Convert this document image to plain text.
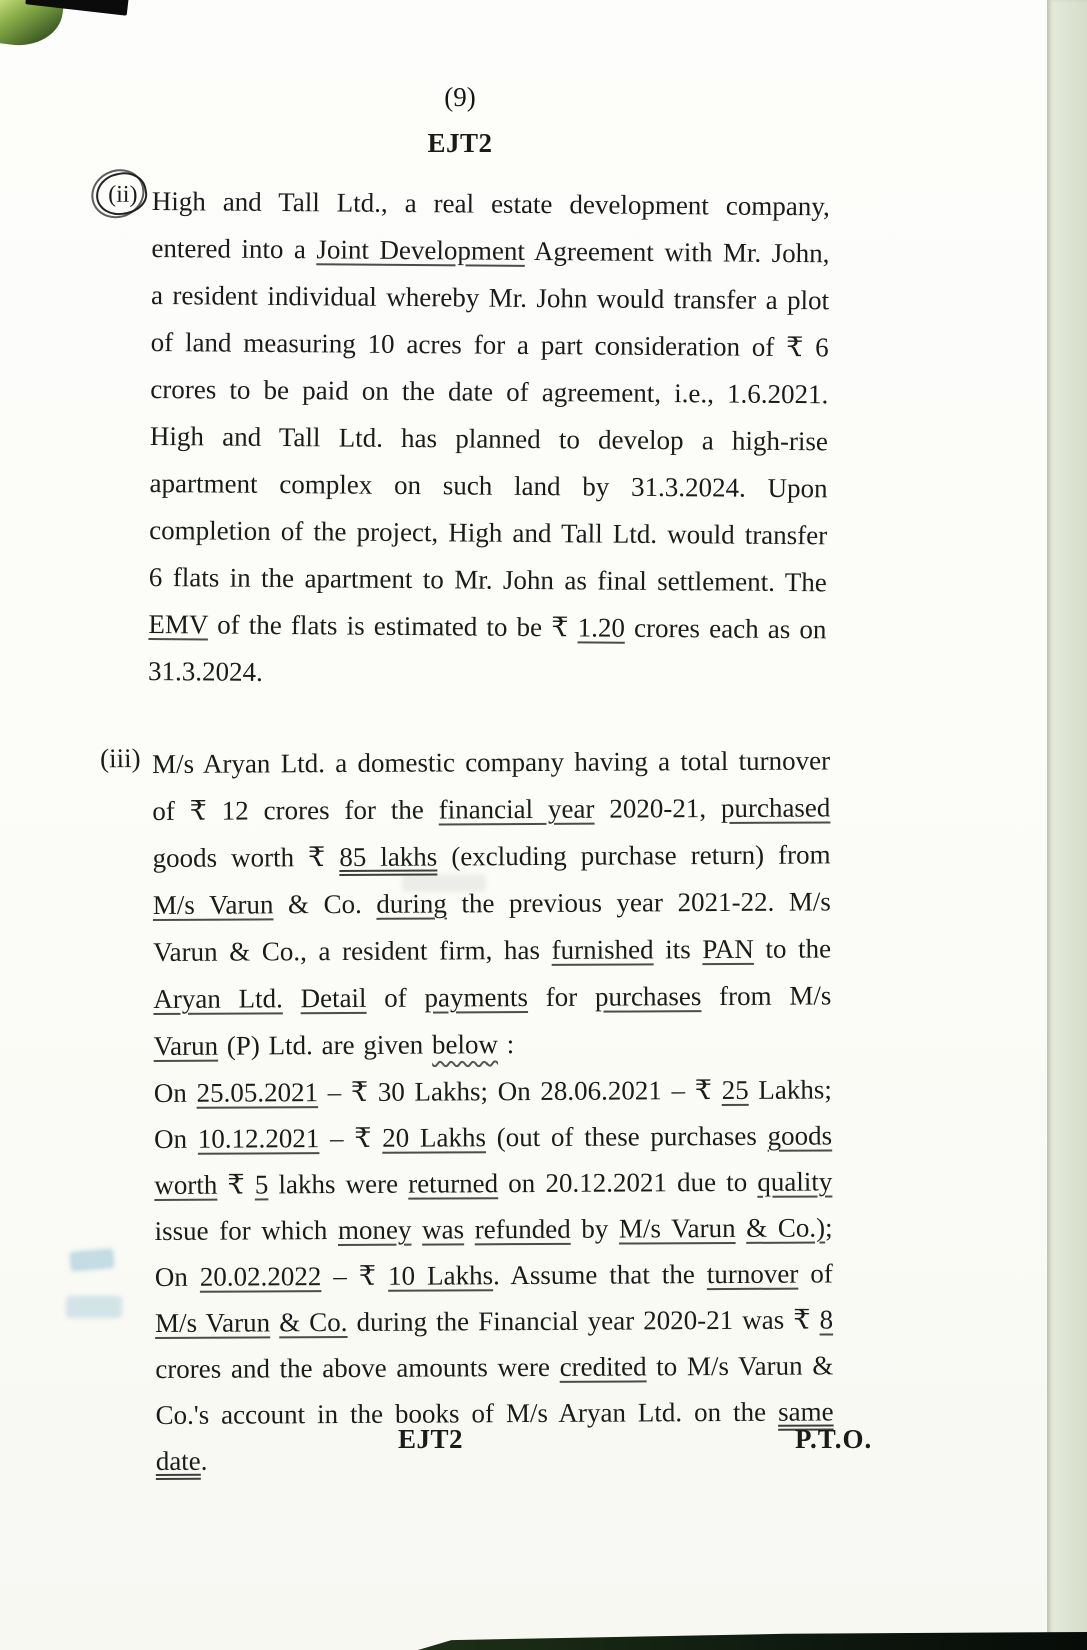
(9)
EJT2
(ii) High and Tall Ltd., a real estate development company, entered into a Joint Development Agreement with Mr. John, a resident individual whereby Mr. John would transfer a plot of land measuring 10 acres for a part consideration of ₹ 6 crores to be paid on the date of agreement, i.e., 1.6.2021. High and Tall Ltd. has planned to develop a high-rise apartment complex on such land by 31.3.2024. Upon completion of the project, High and Tall Ltd. would transfer 6 flats in the apartment to Mr. John as final settlement. The EMV of the flats is estimated to be ₹ 1.20 crores each as on 31.3.2024.

(iii) M/s Aryan Ltd. a domestic company having a total turnover of ₹ 12 crores for the financial year 2020-21, purchased goods worth ₹ 85 lakhs (excluding purchase return) from M/s Varun & Co. during the previous year 2021-22. M/s Varun & Co., a resident firm, has furnished its PAN to the Aryan Ltd. Detail of payments for purchases from M/s Varun (P) Ltd. are given below :

On 25.05.2021 – ₹ 30 Lakhs; On 28.06.2021 – ₹ 25 Lakhs; On 10.12.2021 – ₹ 20 Lakhs (out of these purchases goods worth ₹ 5 lakhs were returned on 20.12.2021 due to quality issue for which money was refunded by M/s Varun & Co.); On 20.02.2022 – ₹ 10 Lakhs. Assume that the turnover of M/s Varun & Co. during the Financial year 2020-21 was ₹ 8 crores and the above amounts were credited to M/s Varun & Co.'s account in the books of M/s Aryan Ltd. on the same date.

EJT2	P.T.O.
